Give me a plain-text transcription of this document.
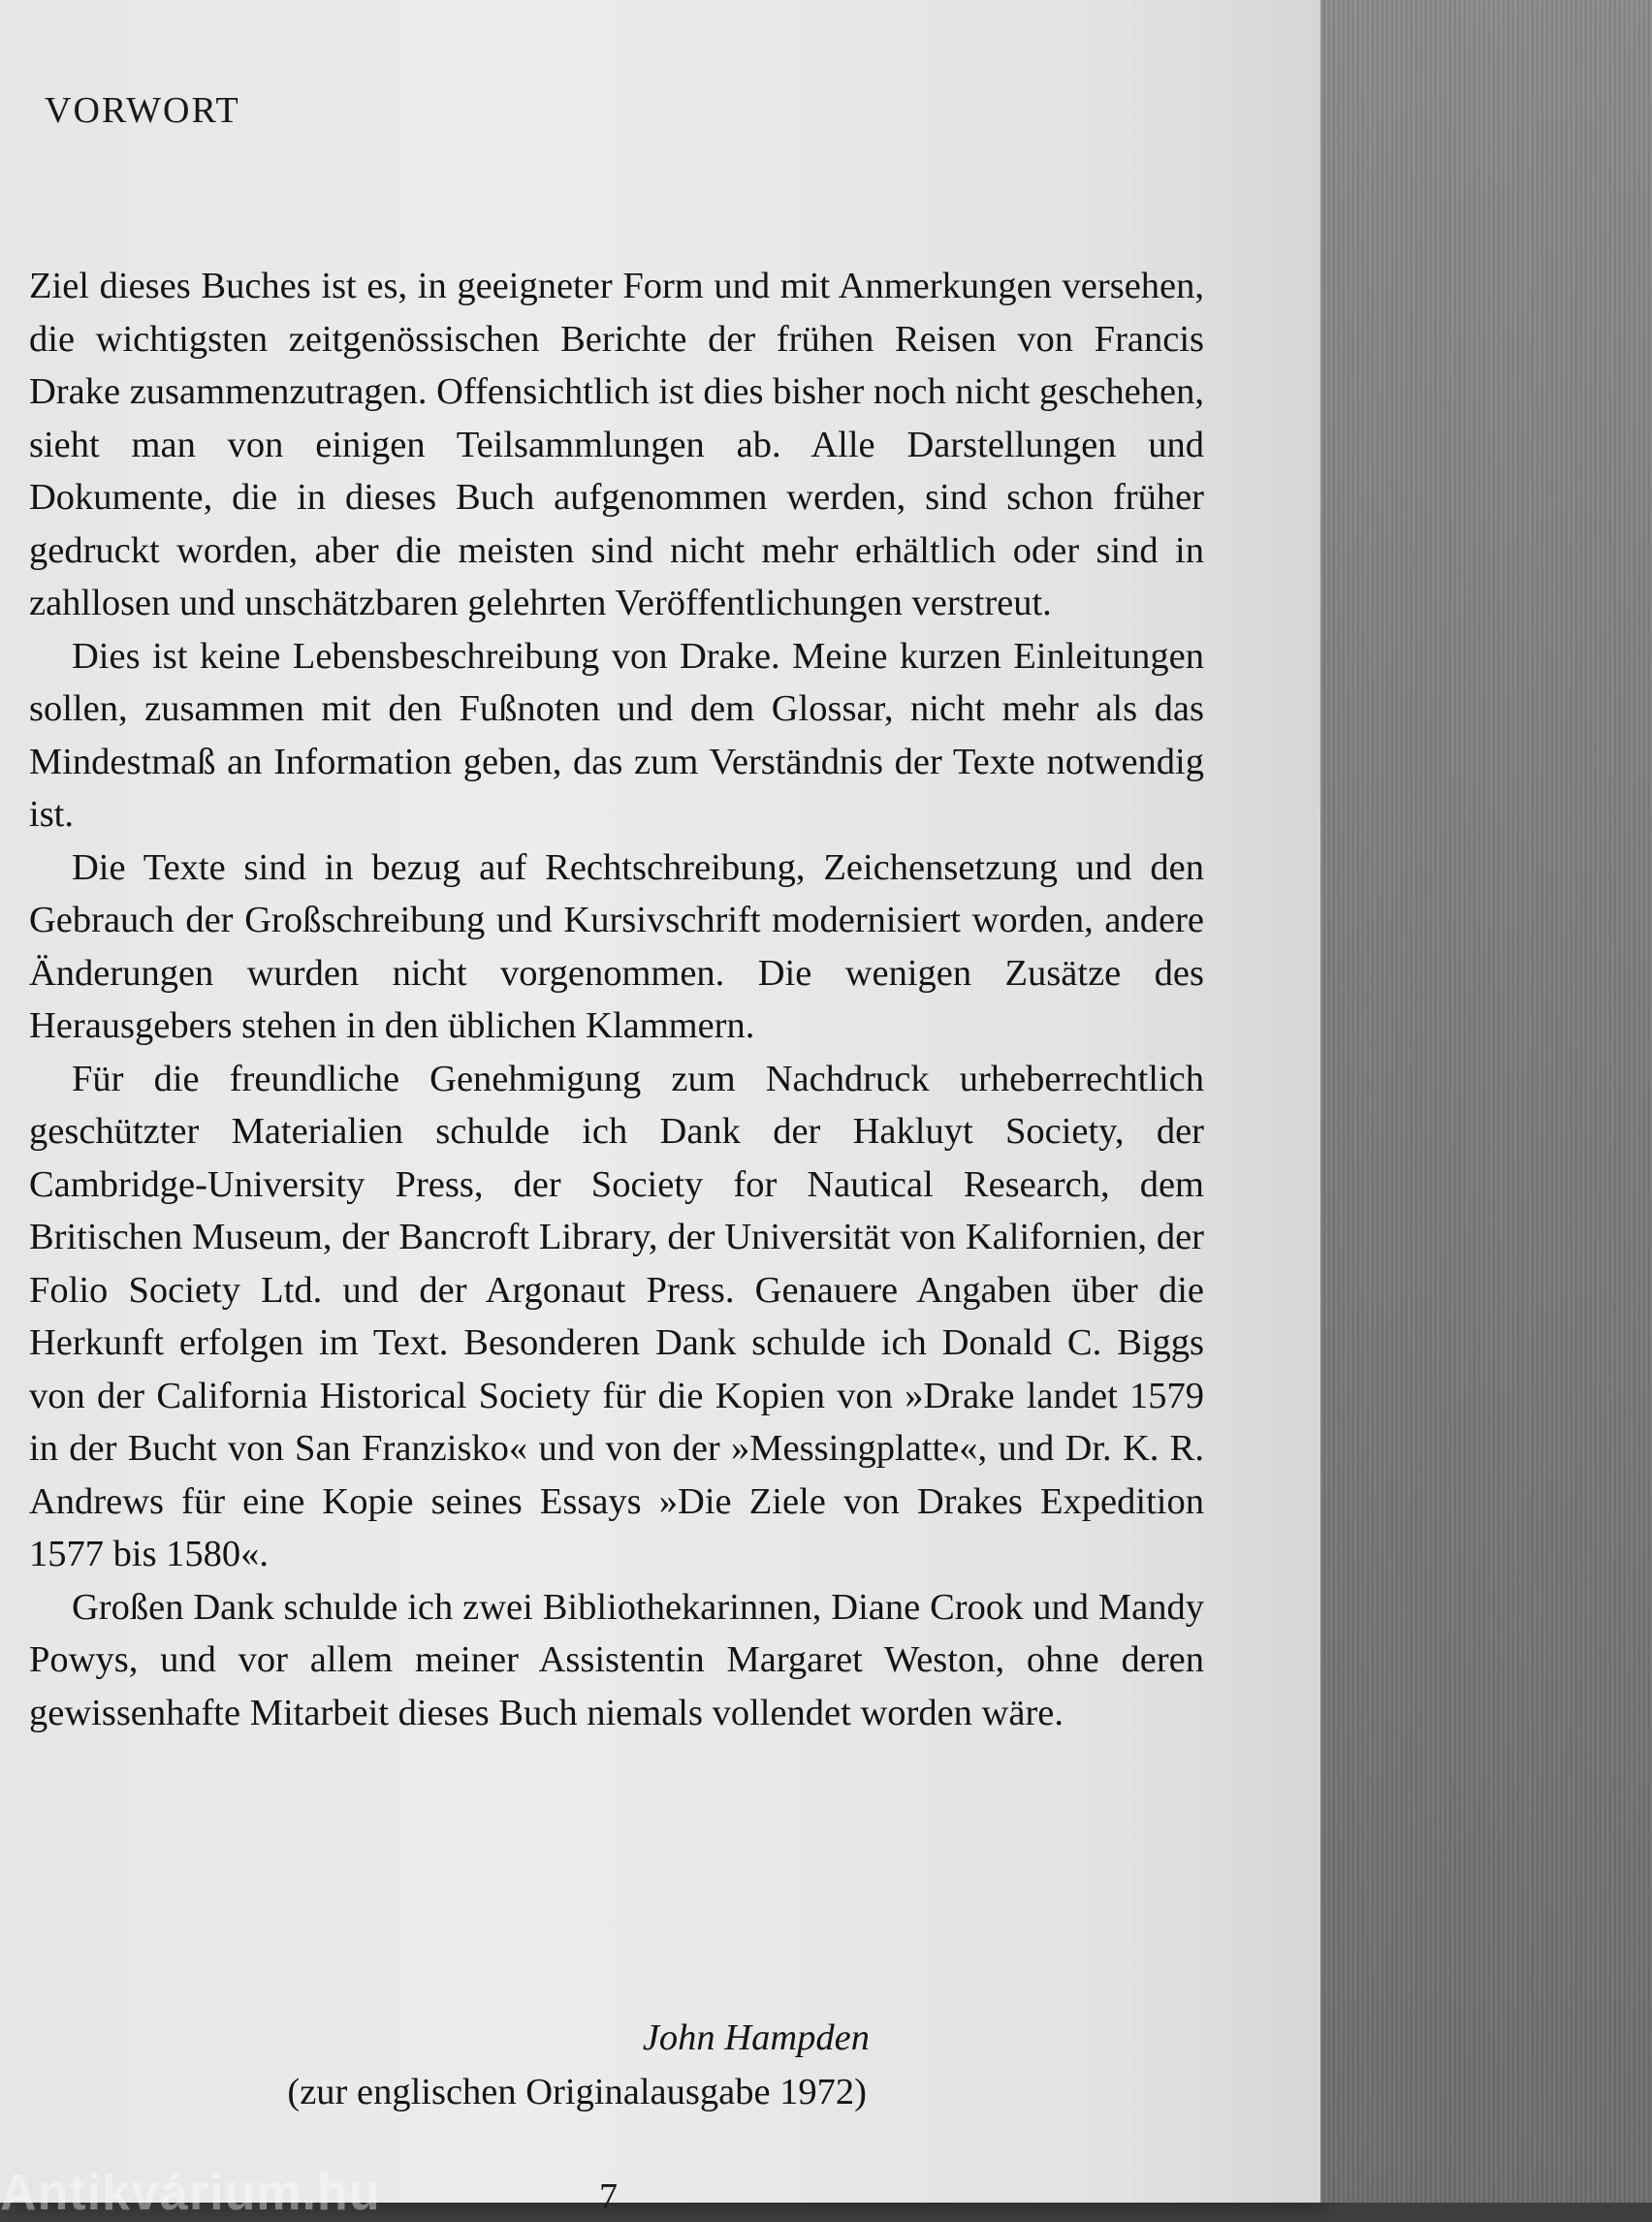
VORWORT

Ziel dieses Buches ist es, in geeigneter Form und mit Anmerkungen versehen, die wichtigsten zeitgenössischen Berichte der frühen Reisen von Francis Drake zusammenzutragen. Offensichtlich ist dies bisher noch nicht geschehen, sieht man von einigen Teilsammlungen ab. Alle Darstellungen und Dokumente, die in dieses Buch aufgenommen werden, sind schon früher gedruckt worden, aber die meisten sind nicht mehr erhältlich oder sind in zahllosen und unschätzbaren gelehrten Veröffentlichungen verstreut.

Dies ist keine Lebensbeschreibung von Drake. Meine kurzen Einleitungen sollen, zusammen mit den Fußnoten und dem Glossar, nicht mehr als das Mindestmaß an Information geben, das zum Verständnis der Texte notwendig ist.

Die Texte sind in bezug auf Rechtschreibung, Zeichensetzung und den Gebrauch der Großschreibung und Kursivschrift modernisiert worden, andere Änderungen wurden nicht vorgenommen. Die wenigen Zusätze des Herausgebers stehen in den üblichen Klammern.

Für die freundliche Genehmigung zum Nachdruck urheberrechtlich geschützter Materialien schulde ich Dank der Hakluyt Society, der Cambridge-University Press, der Society for Nautical Research, dem Britischen Museum, der Bancroft Library, der Universität von Kalifornien, der Folio Society Ltd. und der Argonaut Press. Genauere Angaben über die Herkunft erfolgen im Text. Besonderen Dank schulde ich Donald C. Biggs von der California Historical Society für die Kopien von »Drake landet 1579 in der Bucht von San Franzisko« und von der »Messingplatte«, und Dr. K. R. Andrews für eine Kopie seines Essays »Die Ziele von Drakes Expedition 1577 bis 1580«.

Großen Dank schulde ich zwei Bibliothekarinnen, Diane Crook und Mandy Powys, und vor allem meiner Assistentin Margaret Weston, ohne deren gewissenhafte Mitarbeit dieses Buch niemals vollendet worden wäre.

John Hampden
(zur englischen Originalausgabe 1972)
7
Antikvárium.hu
